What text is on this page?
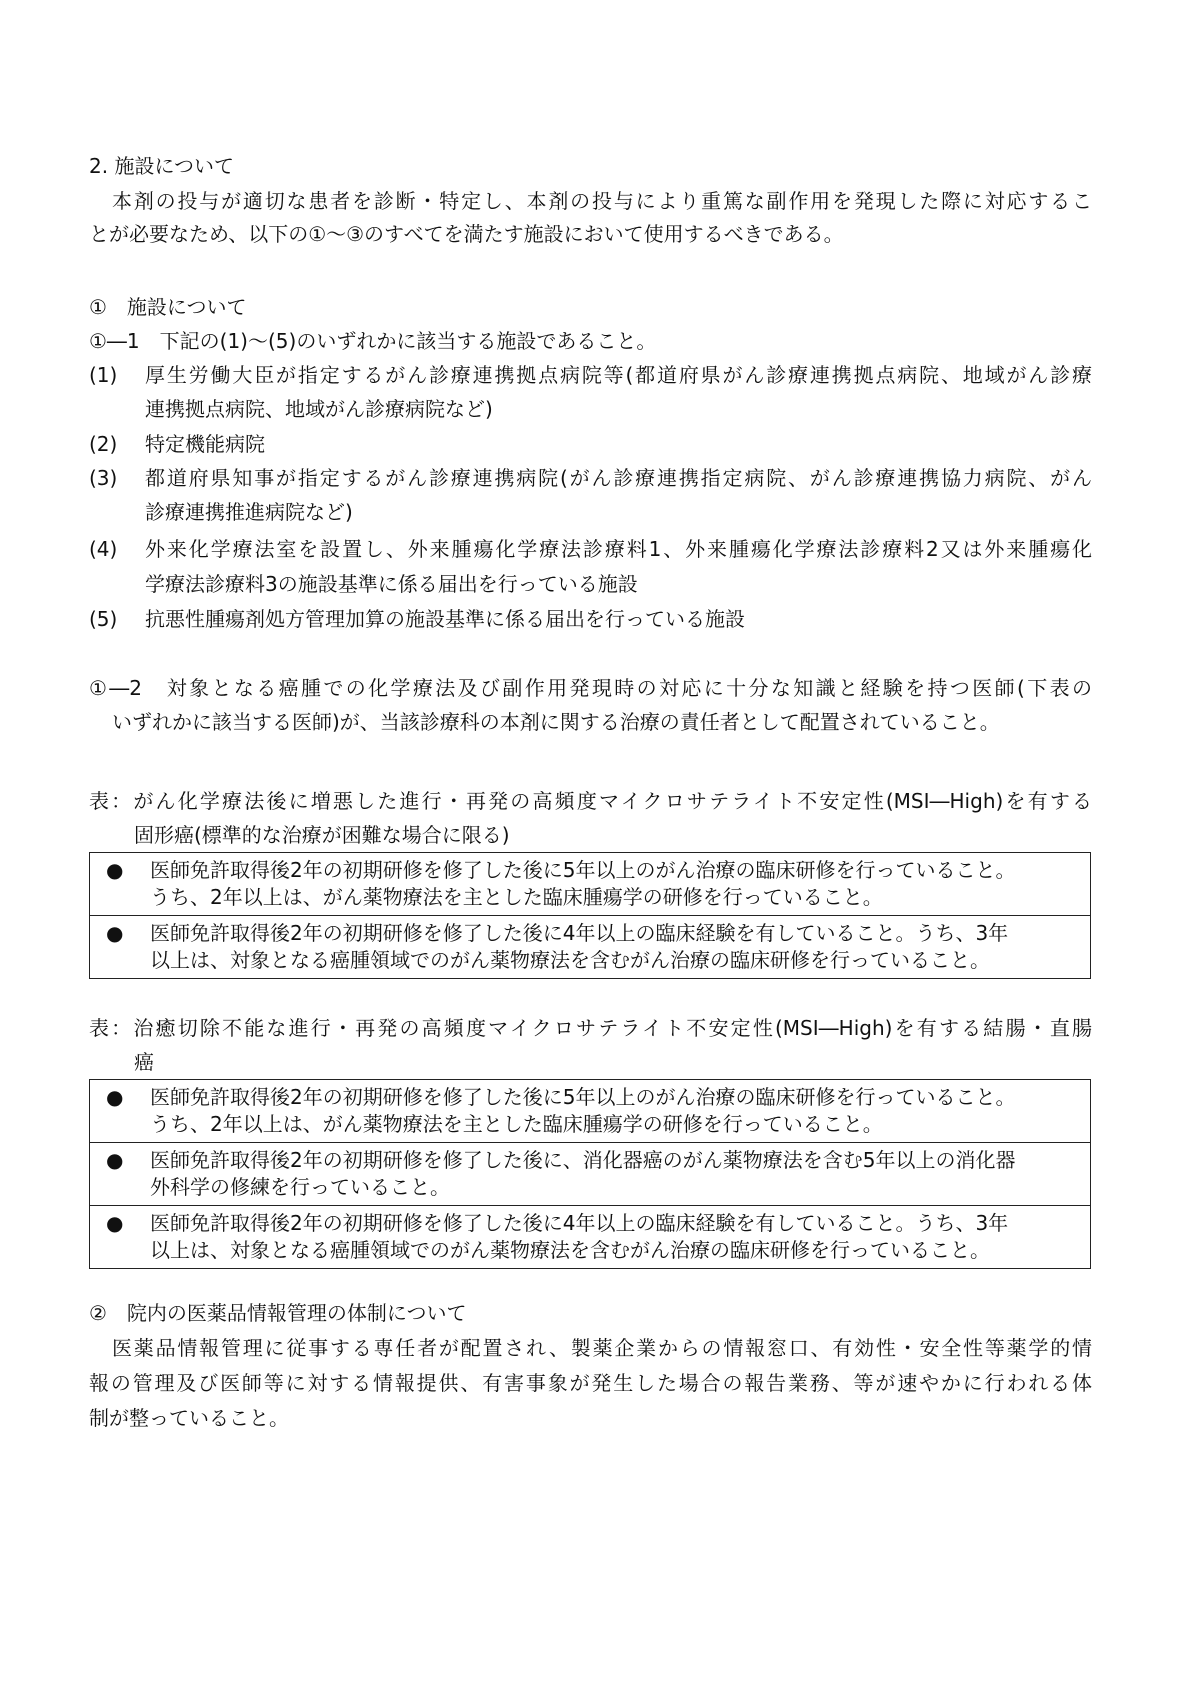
2. 施設について
本剤の投与が適切な患者を診断・特定し、本剤の投与により重篤な副作用を発現した際に対応するこ
とが必要なため、以下の①～③のすべてを満たす施設において使用するべきである。
①　施設について
①―1　下記の(1)～(5)のいずれかに該当する施設であること。
(1) 厚生労働大臣が指定するがん診療連携拠点病院等(都道府県がん診療連携拠点病院、地域がん診療
連携拠点病院、地域がん診療病院など)
(2) 特定機能病院
(3) 都道府県知事が指定するがん診療連携病院(がん診療連携指定病院、がん診療連携協力病院、がん
診療連携推進病院など)
(4) 外来化学療法室を設置し、外来腫瘍化学療法診療料1、外来腫瘍化学療法診療料2又は外来腫瘍化
学療法診療料3の施設基準に係る届出を行っている施設
(5) 抗悪性腫瘍剤処方管理加算の施設基準に係る届出を行っている施設
①―2　対象となる癌腫での化学療法及び副作用発現時の対応に十分な知識と経験を持つ医師(下表の
いずれかに該当する医師)が、当該診療科の本剤に関する治療の責任者として配置されていること。
表：がん化学療法後に増悪した進行・再発の高頻度マイクロサテライト不安定性(MSI―High)を有する
固形癌(標準的な治療が困難な場合に限る)
● 医師免許取得後2年の初期研修を修了した後に5年以上のがん治療の臨床研修を行っていること。
うち、2年以上は、がん薬物療法を主とした臨床腫瘍学の研修を行っていること。
● 医師免許取得後2年の初期研修を修了した後に4年以上の臨床経験を有していること。うち、3年
以上は、対象となる癌腫領域でのがん薬物療法を含むがん治療の臨床研修を行っていること。
表：治癒切除不能な進行・再発の高頻度マイクロサテライト不安定性(MSI―High)を有する結腸・直腸
癌
● 医師免許取得後2年の初期研修を修了した後に5年以上のがん治療の臨床研修を行っていること。
うち、2年以上は、がん薬物療法を主とした臨床腫瘍学の研修を行っていること。
● 医師免許取得後2年の初期研修を修了した後に、消化器癌のがん薬物療法を含む5年以上の消化器
外科学の修練を行っていること。
● 医師免許取得後2年の初期研修を修了した後に4年以上の臨床経験を有していること。うち、3年
以上は、対象となる癌腫領域でのがん薬物療法を含むがん治療の臨床研修を行っていること。
②　院内の医薬品情報管理の体制について
医薬品情報管理に従事する専任者が配置され、製薬企業からの情報窓口、有効性・安全性等薬学的情
報の管理及び医師等に対する情報提供、有害事象が発生した場合の報告業務、等が速やかに行われる体
制が整っていること。
